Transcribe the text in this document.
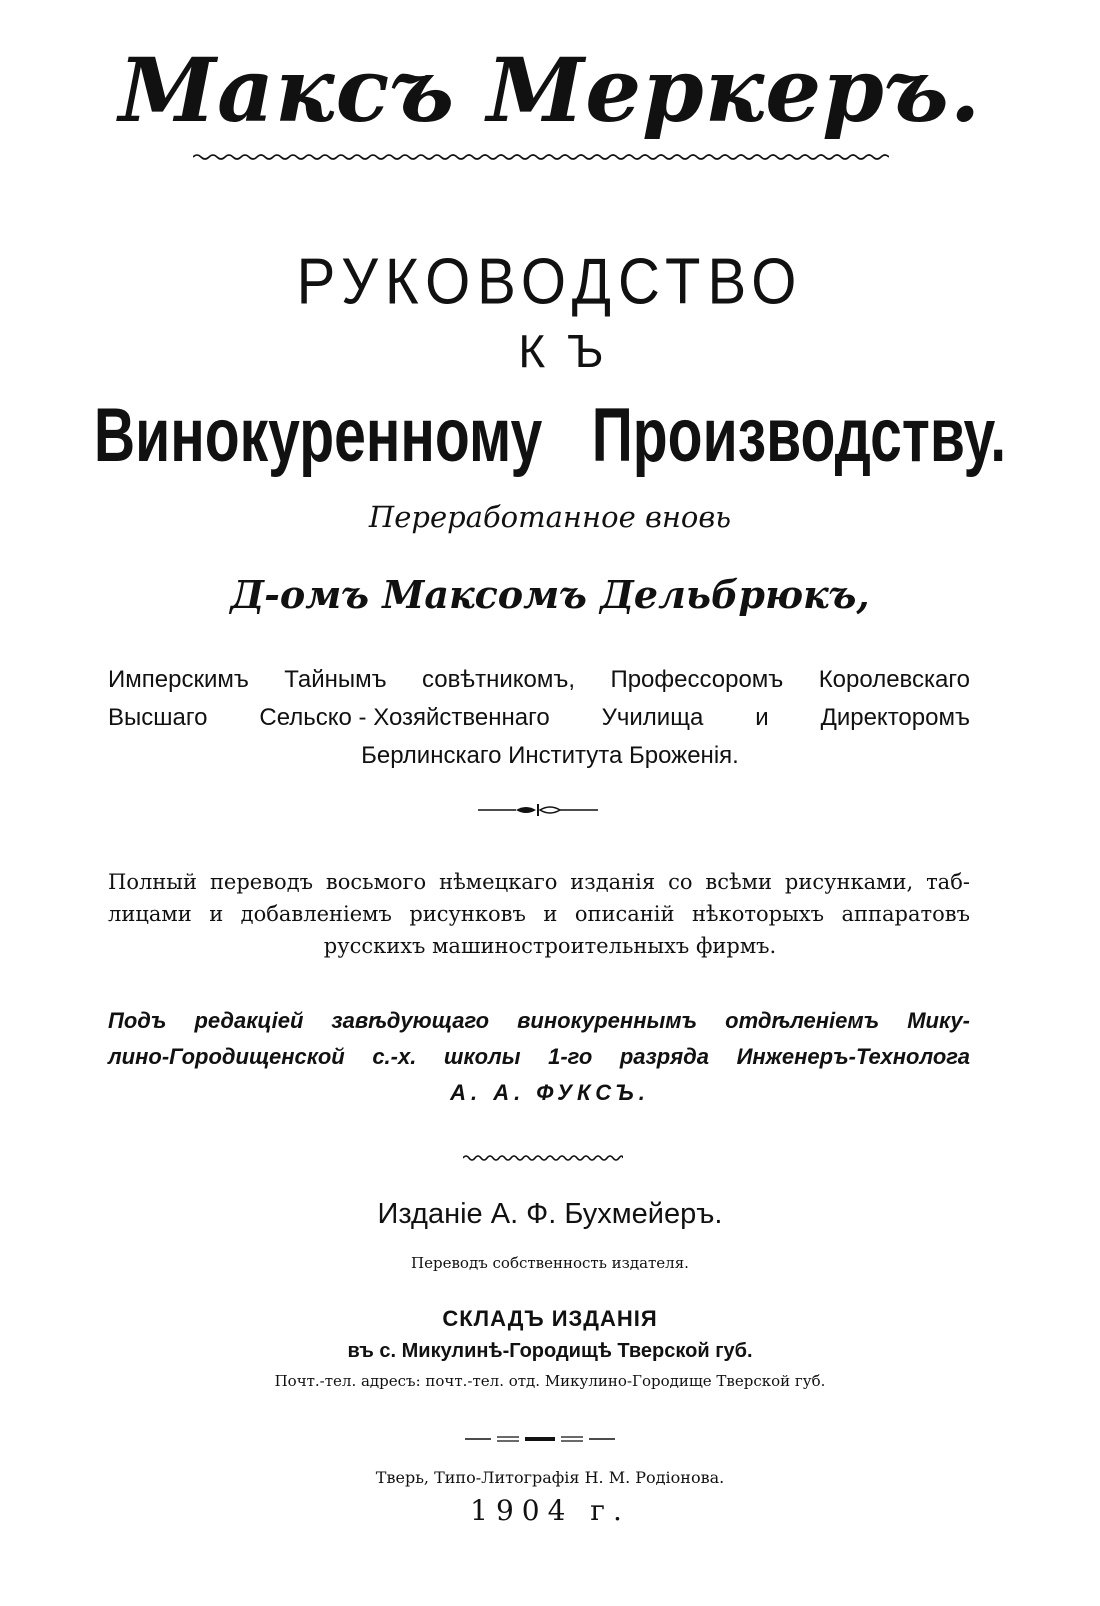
Максъ Меркеръ.
РУКОВОДСТВО
КЪ
Винокуренному Производству.
Переработанное вновь
Д-омъ Максомъ Дельбрюкъ,
Имперскимъ Тайнымъ совѣтникомъ, Профессоромъ Королевскаго
Высшаго Сельско - Хозяйственнаго Училища и Директоромъ
Берлинскаго Института Броженія.
Полный переводъ восьмого нѣмецкаго изданія со всѣми рисунками, таб-
лицами и добавленіемъ рисунковъ и описаній нѣкоторыхъ аппаратовъ
русскихъ машиностроительныхъ фирмъ.
Подъ редакціей завѣдующаго винокуреннымъ отдѣленіемъ Мику-
лино-Городищенской с.-х. школы 1-го разряда Инженеръ-Технолога
А. А. ФУКСЪ.
Изданіе А. Ф. Бухмейеръ.
Переводъ собственность издателя.
СКЛАДЪ ИЗДАНІЯ
въ с. Микулинѣ-Городищѣ Тверской губ.
Почт.-тел. адресъ: почт.-тел. отд. Микулино-Городище Тверской губ.
Тверь, Типо-Литографія Н. М. Родіонова.
1904 г.
